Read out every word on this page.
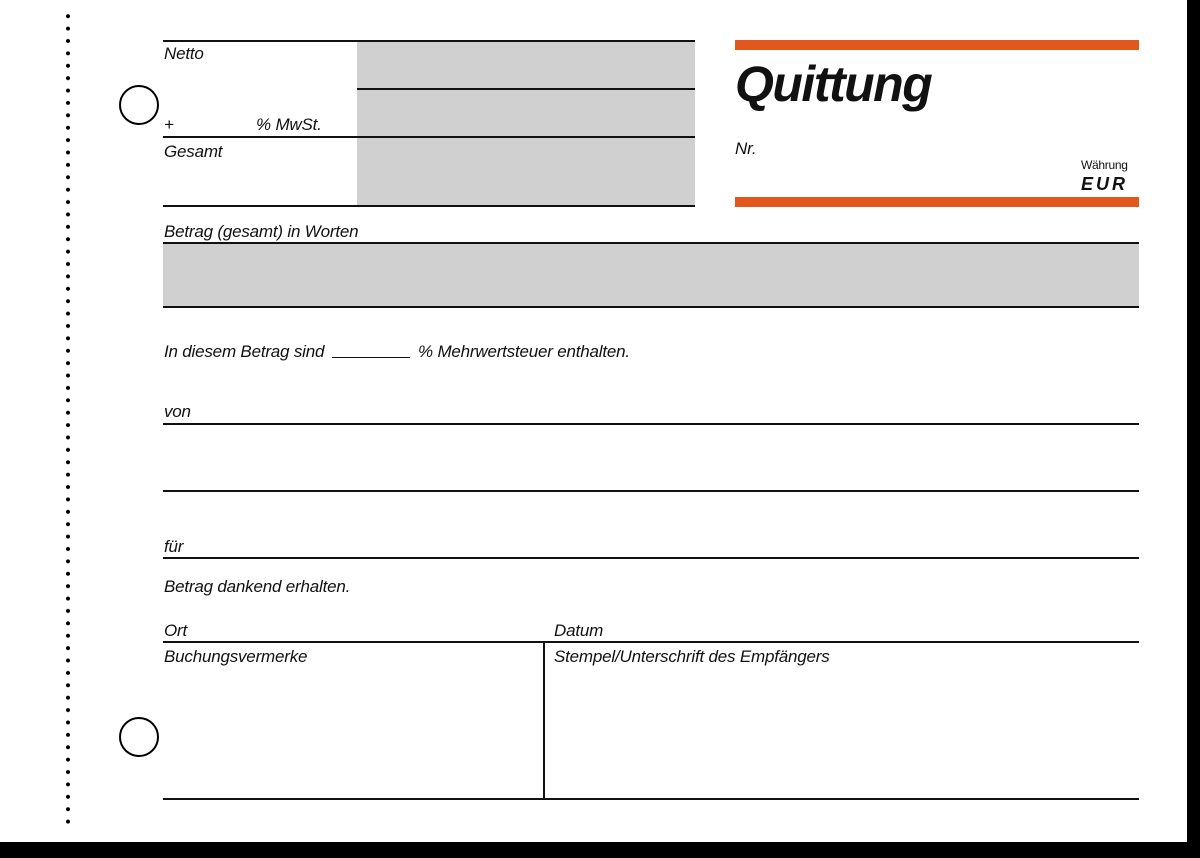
Netto
+	% MwSt.
Gesamt
Quittung
Nr.
Währung
EUR
Betrag (gesamt) in Worten
In diesem Betrag sind	% Mehrwertsteuer enthalten.
von
für
Betrag dankend erhalten.
Ort	Datum
Buchungsvermerke	Stempel/Unterschrift des Empfängers
